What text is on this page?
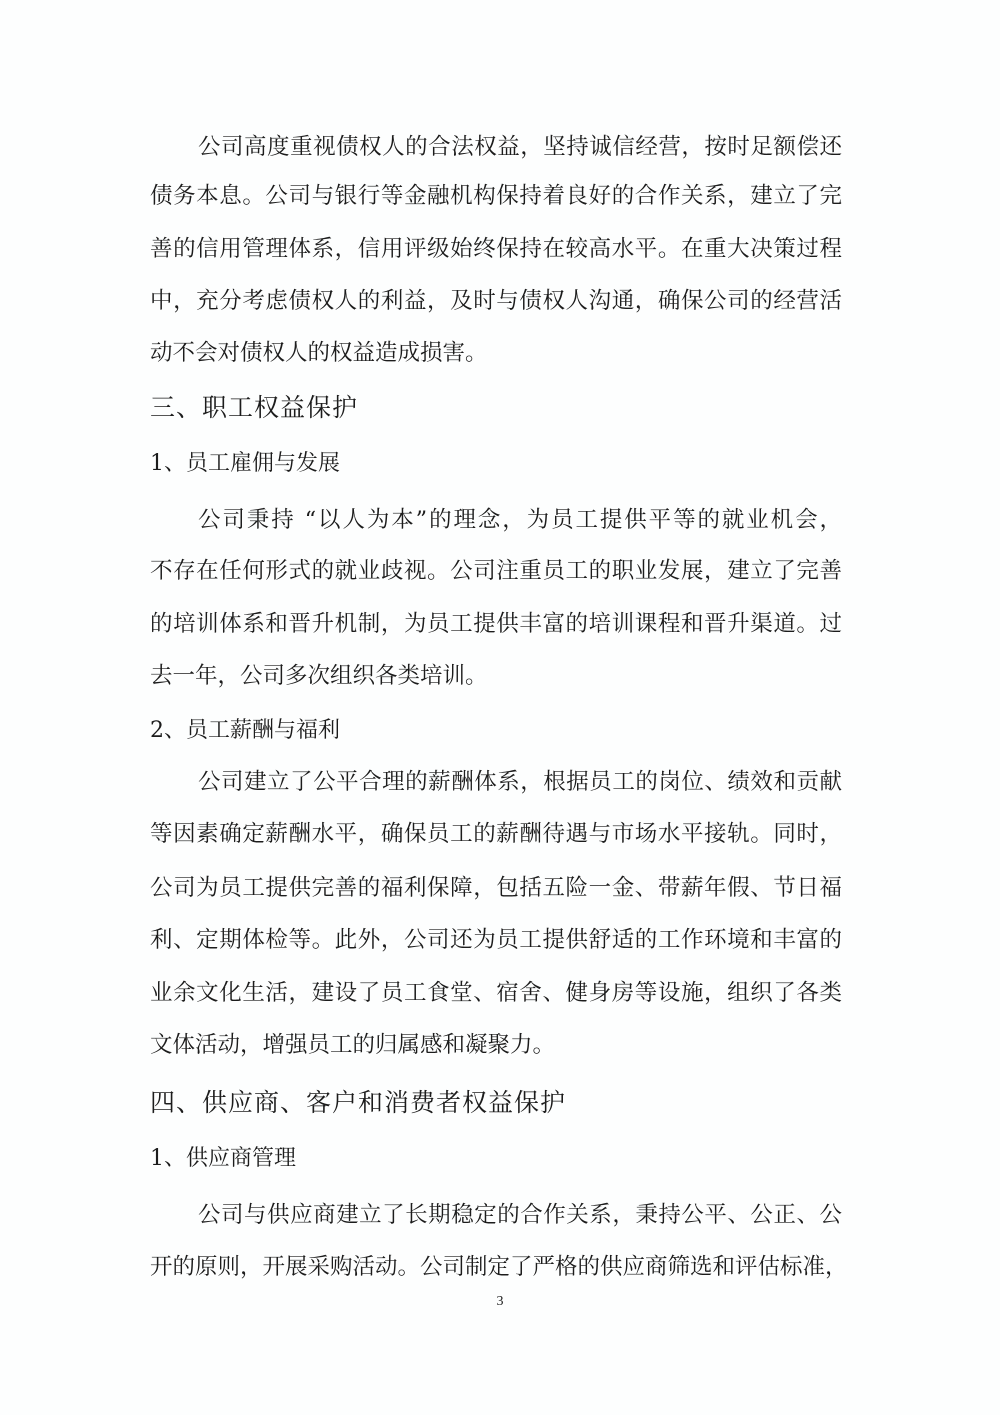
公司高度重视债权人的合法权益，坚持诚信经营，按时足额偿还
债务本息。公司与银行等金融机构保持着良好的合作关系，建立了完
善的信用管理体系，信用评级始终保持在较高水平。在重大决策过程
中，充分考虑债权人的利益，及时与债权人沟通，确保公司的经营活
动不会对债权人的权益造成损害。
三、职工权益保护
1、员工雇佣与发展
公司秉持 “以人为本”的理念，为员工提供平等的就业机会，
不存在任何形式的就业歧视。公司注重员工的职业发展，建立了完善
的培训体系和晋升机制，为员工提供丰富的培训课程和晋升渠道。过
去一年，公司多次组织各类培训。
2、员工薪酬与福利
公司建立了公平合理的薪酬体系，根据员工的岗位、绩效和贡献
等因素确定薪酬水平，确保员工的薪酬待遇与市场水平接轨。同时，
公司为员工提供完善的福利保障，包括五险一金、带薪年假、节日福
利、定期体检等。此外，公司还为员工提供舒适的工作环境和丰富的
业余文化生活，建设了员工食堂、宿舍、健身房等设施，组织了各类
文体活动，增强员工的归属感和凝聚力。
四、供应商、客户和消费者权益保护
1、供应商管理
公司与供应商建立了长期稳定的合作关系，秉持公平、公正、公
开的原则，开展采购活动。公司制定了严格的供应商筛选和评估标准，
3
